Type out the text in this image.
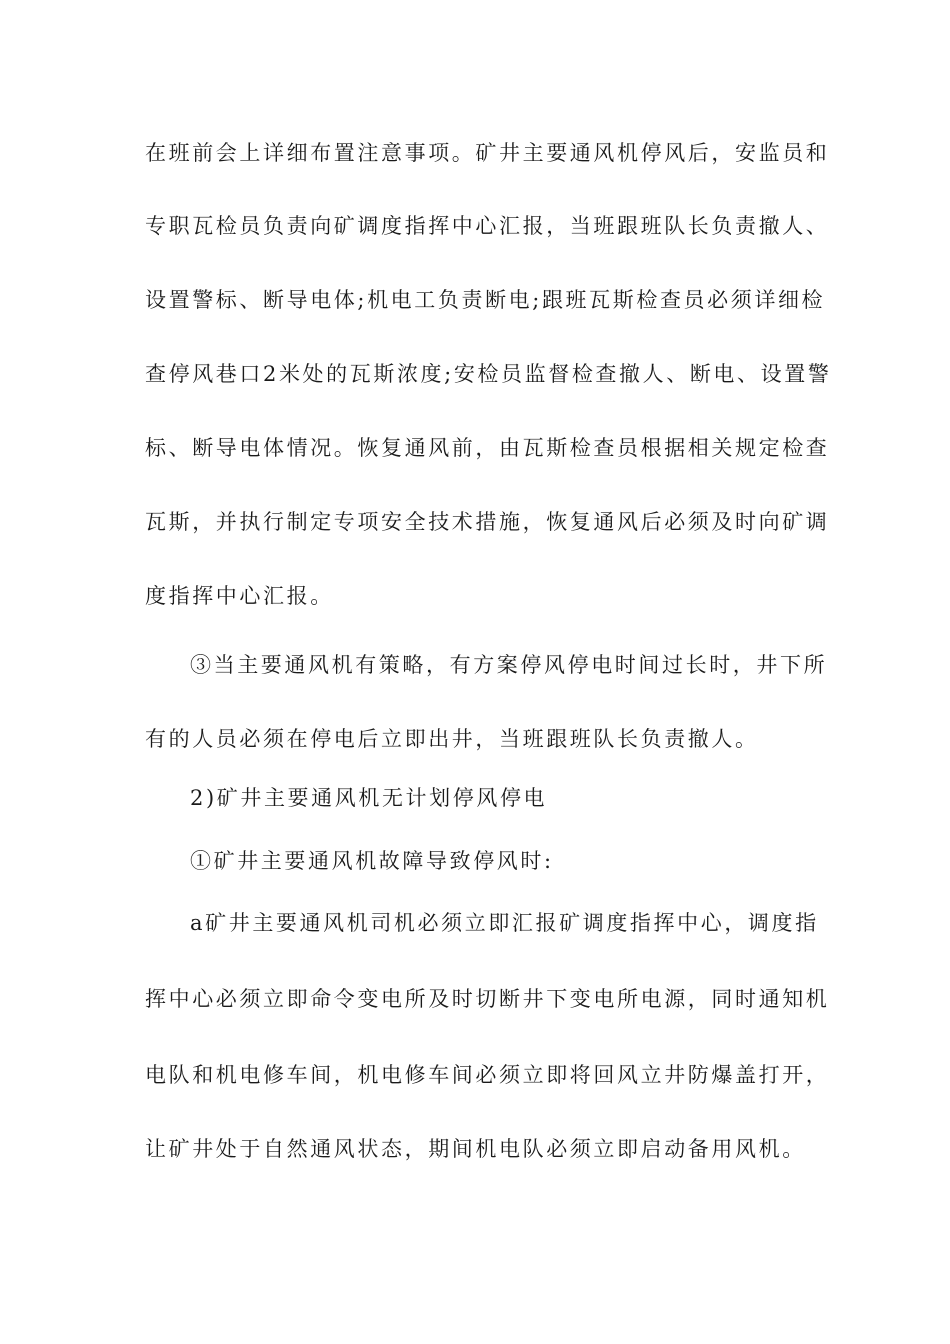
在班前会上详细布置注意事项。矿井主要通风机停风后，安监员和
专职瓦检员负责向矿调度指挥中心汇报，当班跟班队长负责撤人、
设置警标、断导电体;机电工负责断电;跟班瓦斯检查员必须详细检
查停风巷口2米处的瓦斯浓度;安检员监督检查撤人、断电、设置警
标、断导电体情况。恢复通风前，由瓦斯检查员根据相关规定检查
瓦斯，并执行制定专项安全技术措施，恢复通风后必须及时向矿调
度指挥中心汇报。
③当主要通风机有策略，有方案停风停电时间过长时，井下所
有的人员必须在停电后立即出井，当班跟班队长负责撤人。
2)矿井主要通风机无计划停风停电
①矿井主要通风机故障导致停风时:
a矿井主要通风机司机必须立即汇报矿调度指挥中心，调度指
挥中心必须立即命令变电所及时切断井下变电所电源，同时通知机
电队和机电修车间，机电修车间必须立即将回风立井防爆盖打开，
让矿井处于自然通风状态，期间机电队必须立即启动备用风机。
